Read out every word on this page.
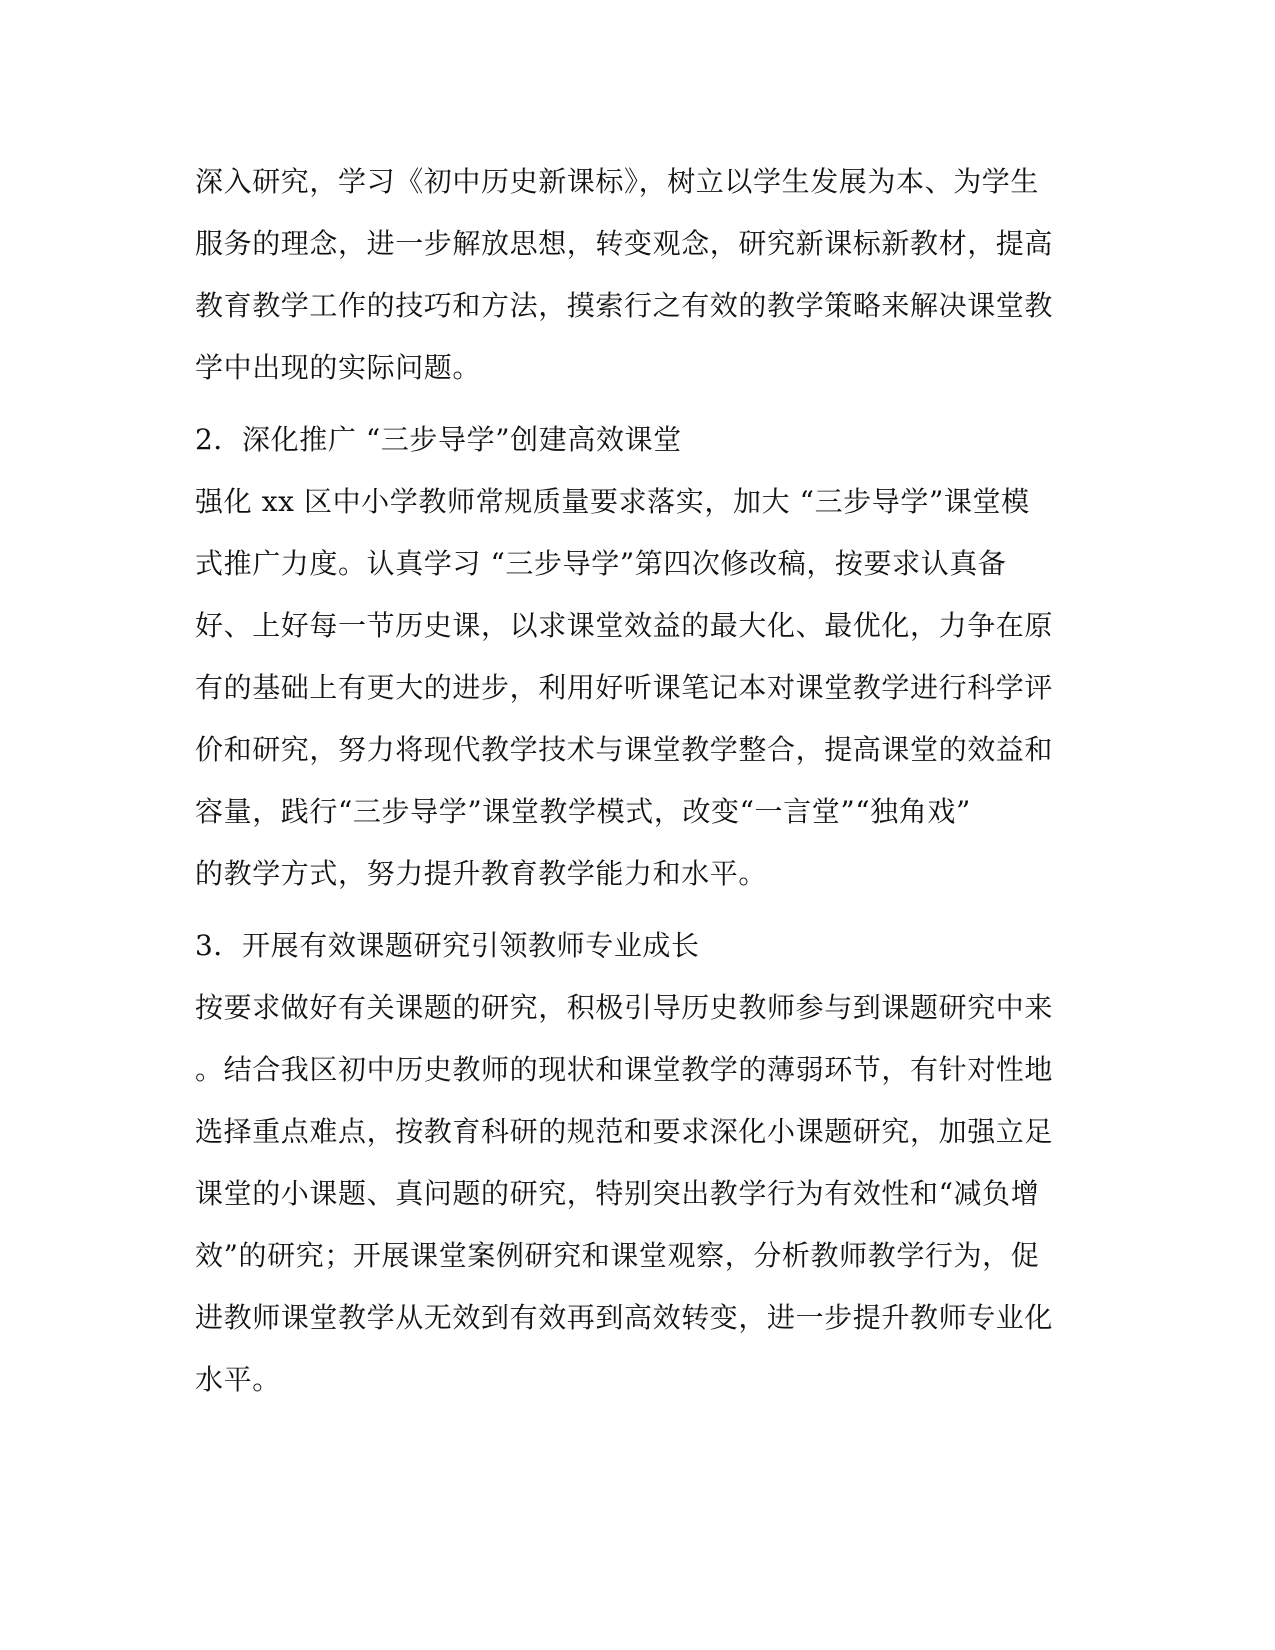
深入研究，学习《初中历史新课标》，树立以学生发展为本、为学生
服务的理念，进一步解放思想，转变观念，研究新课标新教材，提高
教育教学工作的技巧和方法，摸索行之有效的教学策略来解决课堂教
学中出现的实际问题。
2．深化推广 “三步导学”创建高效课堂
强化 xx 区中小学教师常规质量要求落实，加大 “三步导学”课堂模
式推广力度。认真学习 “三步导学”第四次修改稿，按要求认真备
好、上好每一节历史课，以求课堂效益的最大化、最优化，力争在原
有的基础上有更大的进步，利用好听课笔记本对课堂教学进行科学评
价和研究，努力将现代教学技术与课堂教学整合，提高课堂的效益和
容量，践行“三步导学”课堂教学模式，改变“一言堂”“独角戏”
的教学方式，努力提升教育教学能力和水平。
3．开展有效课题研究引领教师专业成长
按要求做好有关课题的研究，积极引导历史教师参与到课题研究中来
。结合我区初中历史教师的现状和课堂教学的薄弱环节，有针对性地
选择重点难点，按教育科研的规范和要求深化小课题研究，加强立足
课堂的小课题、真问题的研究，特别突出教学行为有效性和“减负增
效”的研究；开展课堂案例研究和课堂观察，分析教师教学行为，促
进教师课堂教学从无效到有效再到高效转变，进一步提升教师专业化
水平。
